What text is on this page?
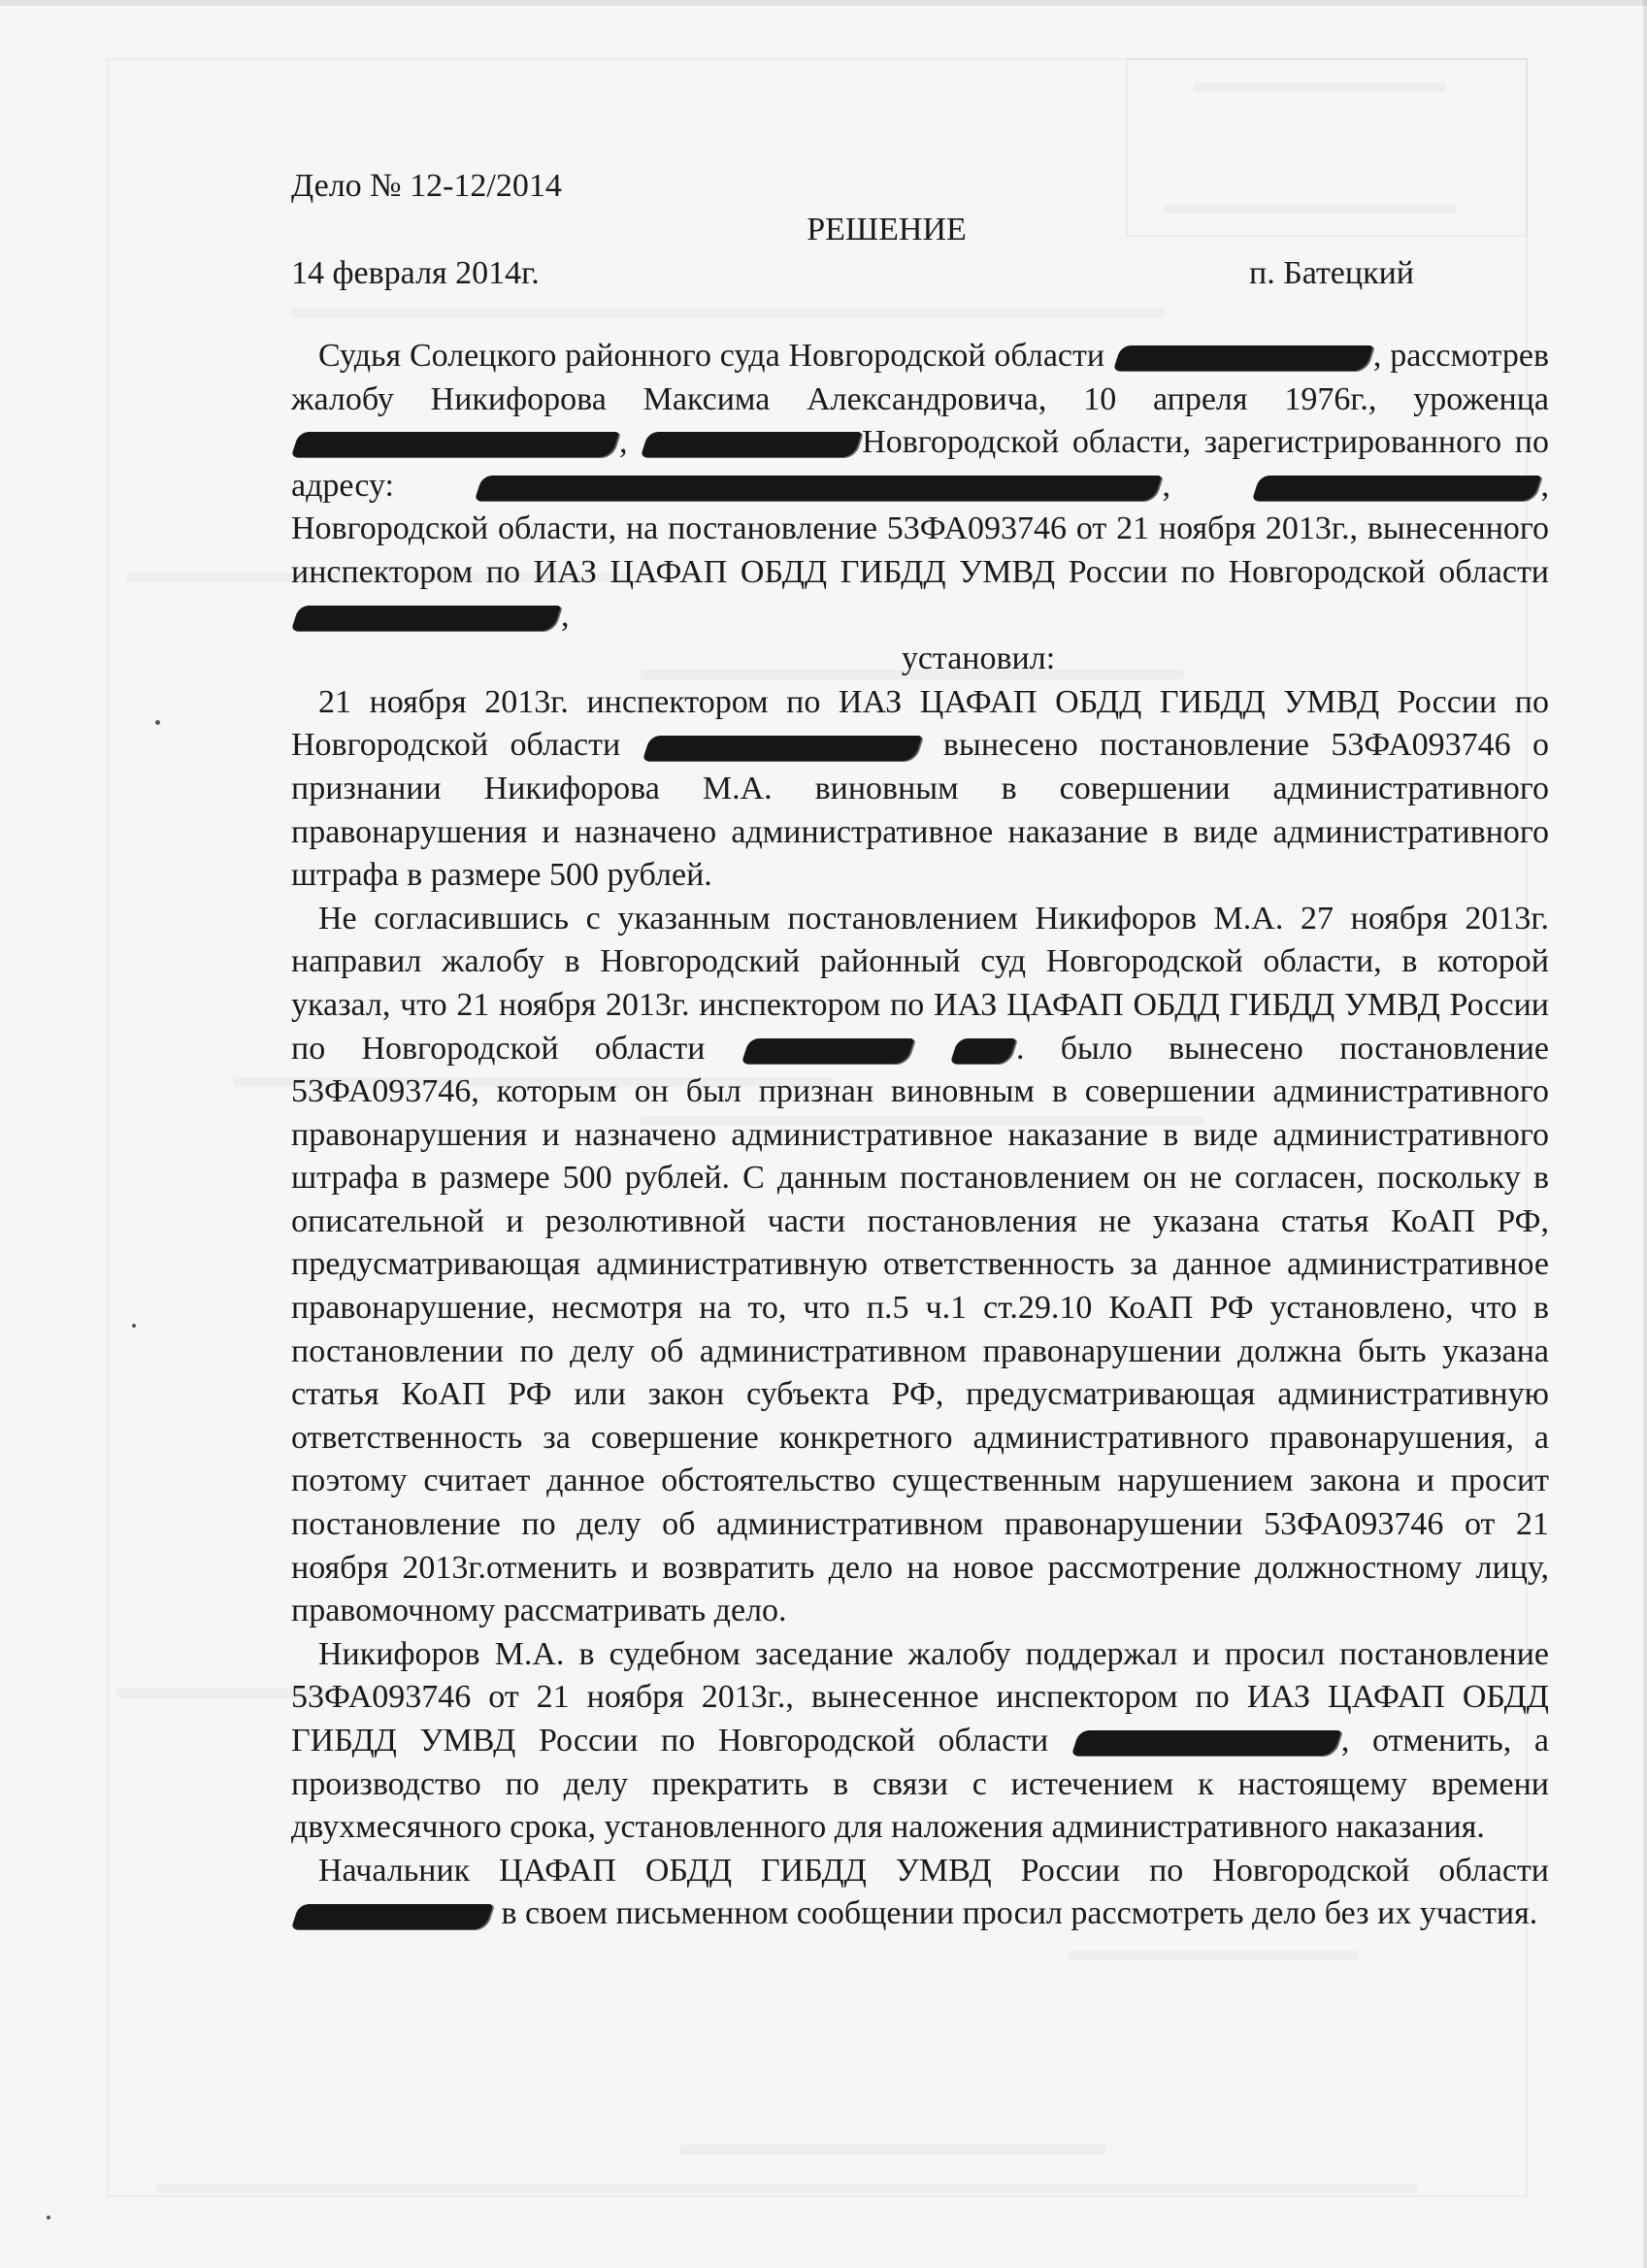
Дело № 12-12/2014
РЕШЕНИЕ
14 февраля 2014г.	п. Батецкий

Судья Солецкого районного суда Новгородской области	, рассмотрев жалобу Никифорова Максима Александровича, 10 апреля 1976г., уроженца ,	Новгородской области, зарегистрированного по адресу:	,	, Новгородской области, на постановление 53ФА093746 от 21 ноября 2013г., вынесенного инспектором по ИАЗ ЦАФАП ОБДД ГИБДД УМВД России по Новгородской области ,

установил:

21 ноября 2013г. инспектором по ИАЗ ЦАФАП ОБДД ГИБДД УМВД России по Новгородской области	вынесено постановление 53ФА093746 о признании Никифорова М.А. виновным в совершении административного правонарушения и назначено административное наказание в виде административного штрафа в размере 500 рублей.

Не согласившись с указанным постановлением Никифоров М.А. 27 ноября 2013г. направил жалобу в Новгородский районный суд Новгородской области, в которой указал, что 21 ноября 2013г. инспектором по ИАЗ ЦАФАП ОБДД ГИБДД УМВД России по Новгородской области	. было вынесено постановление 53ФА093746, которым он был признан виновным в совершении административного правонарушения и назначено административное наказание в виде административного штрафа в размере 500 рублей. С данным постановлением он не согласен, поскольку в описательной и резолютивной части постановления не указана статья КоАП РФ, предусматривающая административную ответственность за данное административное правонарушение, несмотря на то, что п.5 ч.1 ст.29.10 КоАП РФ установлено, что в постановлении по делу об административном правонарушении должна быть указана статья КоАП РФ или закон субъекта РФ, предусматривающая административную ответственность за совершение конкретного административного правонарушения, а поэтому считает данное обстоятельство существенным нарушением закона и просит постановление по делу об административном правонарушении 53ФА093746 от 21 ноября 2013г.отменить и возвратить дело на новое рассмотрение должностному лицу, правомочному рассматривать дело.

Никифоров М.А. в судебном заседание жалобу поддержал и просил постановление 53ФА093746 от 21 ноября 2013г., вынесенное инспектором по ИАЗ ЦАФАП ОБДД ГИБДД УМВД России по Новгородской области	, отменить, а производство по делу прекратить в связи с истечением к настоящему времени двухмесячного срока, установленного для наложения административного наказания.

Начальник ЦАФАП ОБДД ГИБДД УМВД России по Новгородской области  в своем письменном сообщении просил рассмотреть дело без их участия.
